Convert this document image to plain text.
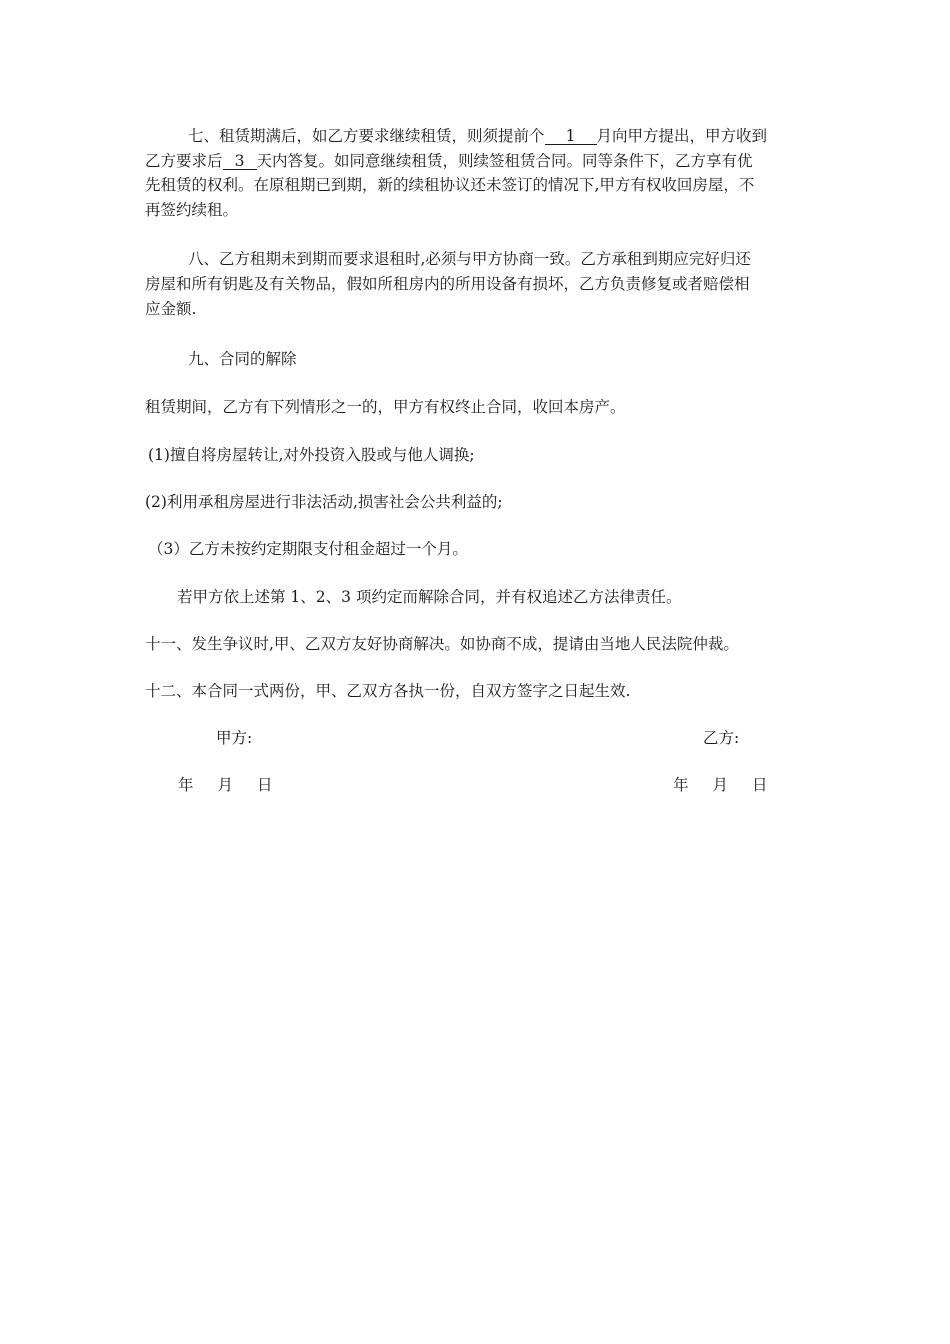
七、租赁期满后，如乙方要求继续租赁，则须提前个 1 月向甲方提出，甲方收到
乙方要求后 3 天内答复。如同意继续租赁，则续签租赁合同。同等条件下，乙方享有优
先租赁的权利。在原租期已到期，新的续租协议还未签订的情况下,甲方有权收回房屋，不
再签约续租。
八、乙方租期未到期而要求退租时,必须与甲方协商一致。乙方承租到期应完好归还
房屋和所有钥匙及有关物品，假如所租房内的所用设备有损坏，乙方负责修复或者赔偿相
应金额.
九、合同的解除
租赁期间，乙方有下列情形之一的，甲方有权终止合同，收回本房产。
(1)擅自将房屋转让,对外投资入股或与他人调换;
(2)利用承租房屋进行非法活动,损害社会公共利益的;
（3）乙方未按约定期限支付租金超过一个月。
若甲方依上述第 1、2、3 项约定而解除合同，并有权追述乙方法律责任。
十一、发生争议时,甲、乙双方友好协商解决。如协商不成，提请由当地人民法院仲裁。
十二、本合同一式两份，甲、乙双方各执一份，自双方签字之日起生效.
甲方:	乙方:
年 月 日	年 月 日
